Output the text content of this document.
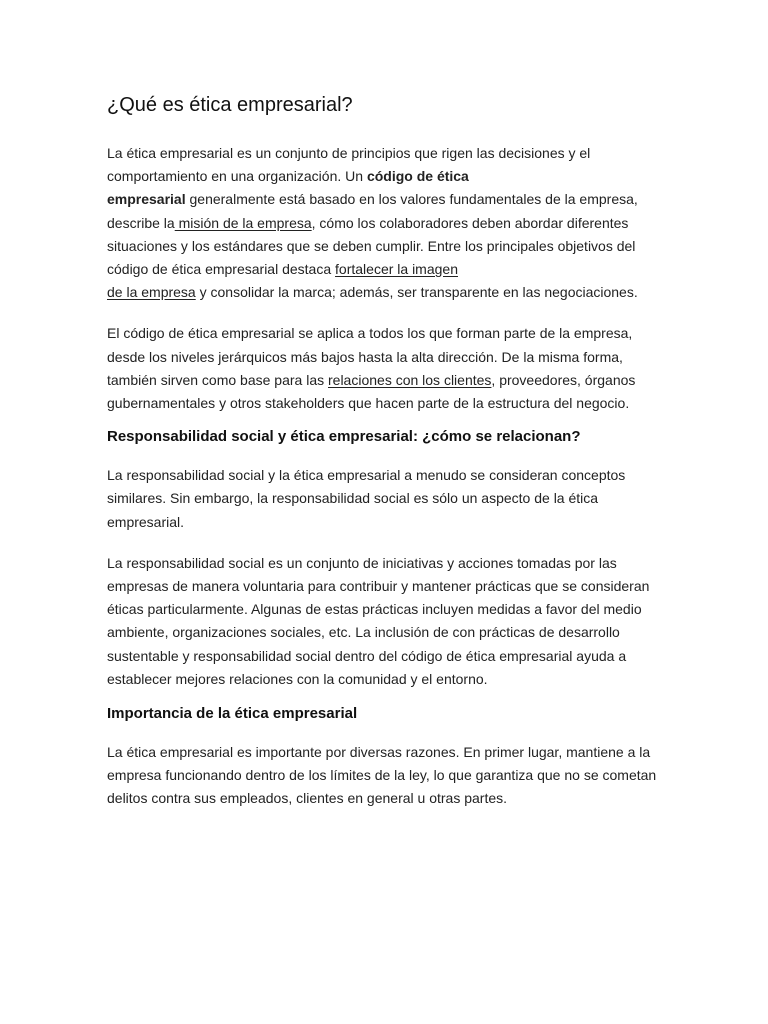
¿Qué es ética empresarial?

La ética empresarial es un conjunto de principios que rigen las decisiones y el comportamiento en una organización. Un código de ética
empresarial generalmente está basado en los valores fundamentales de la empresa, describe la misión de la empresa, cómo los colaboradores deben abordar diferentes situaciones y los estándares que se deben cumplir. Entre los principales objetivos del código de ética empresarial destaca fortalecer la imagen
de la empresa y consolidar la marca; además, ser transparente en las negociaciones.

El código de ética empresarial se aplica a todos los que forman parte de la empresa, desde los niveles jerárquicos más bajos hasta la alta dirección. De la misma forma, también sirven como base para las relaciones con los clientes, proveedores, órganos gubernamentales y otros stakeholders que hacen parte de la estructura del negocio.

Responsabilidad social y ética empresarial: ¿cómo se relacionan?

La responsabilidad social y la ética empresarial a menudo se consideran conceptos similares. Sin embargo, la responsabilidad social es sólo un aspecto de la ética empresarial.

La responsabilidad social es un conjunto de iniciativas y acciones tomadas por las empresas de manera voluntaria para contribuir y mantener prácticas que se consideran éticas particularmente. Algunas de estas prácticas incluyen medidas a favor del medio ambiente, organizaciones sociales, etc. La inclusión de con prácticas de desarrollo sustentable y responsabilidad social dentro del código de ética empresarial ayuda a establecer mejores relaciones con la comunidad y el entorno.

Importancia de la ética empresarial

La ética empresarial es importante por diversas razones. En primer lugar, mantiene a la empresa funcionando dentro de los límites de la ley, lo que garantiza que no se cometan delitos contra sus empleados, clientes en general u otras partes.
